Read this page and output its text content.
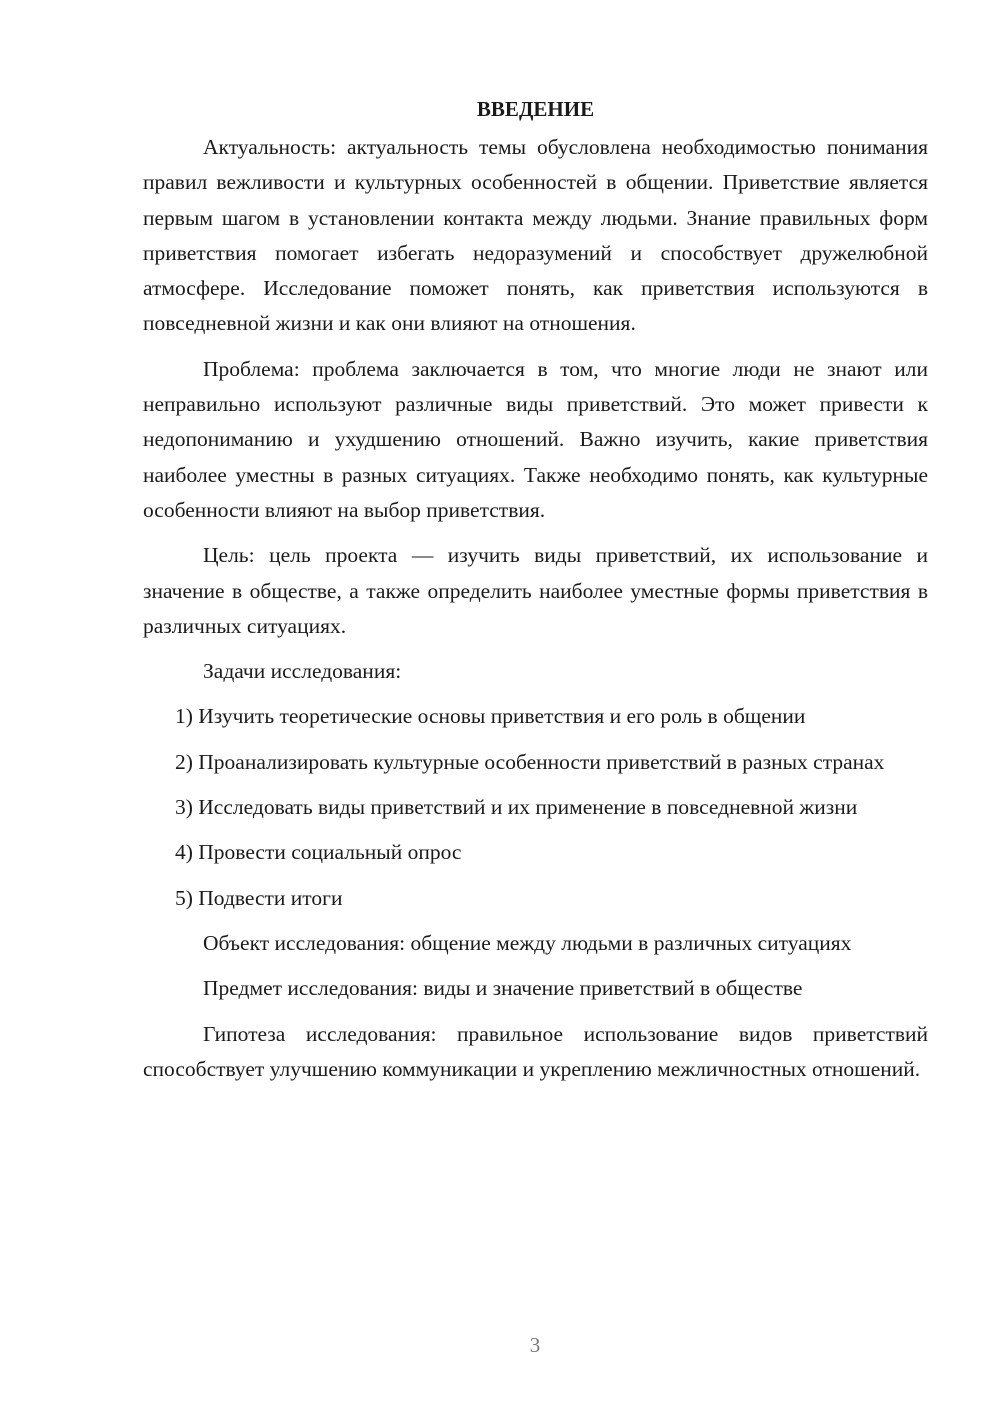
ВВЕДЕНИЕ

Актуальность: актуальность темы обусловлена необходимостью понимания правил вежливости и культурных особенностей в общении. Приветствие является первым шагом в установлении контакта между людьми. Знание правильных форм приветствия помогает избегать недоразумений и способствует дружелюбной атмосфере. Исследование поможет понять, как приветствия используются в повседневной жизни и как они влияют на отношения.

Проблема: проблема заключается в том, что многие люди не знают или неправильно используют различные виды приветствий. Это может привести к недопониманию и ухудшению отношений. Важно изучить, какие приветствия наиболее уместны в разных ситуациях. Также необходимо понять, как культурные особенности влияют на выбор приветствия.

Цель: цель проекта — изучить виды приветствий, их использование и значение в обществе, а также определить наиболее уместные формы приветствия в различных ситуациях.

Задачи исследования:

1) Изучить теоретические основы приветствия и его роль в общении

2) Проанализировать культурные особенности приветствий в разных странах

3) Исследовать виды приветствий и их применение в повседневной жизни

4) Провести социальный опрос

5) Подвести итоги

Объект исследования: общение между людьми в различных ситуациях

Предмет исследования: виды и значение приветствий в обществе

Гипотеза исследования: правильное использование видов приветствий способствует улучшению коммуникации и укреплению межличностных отношений.

3
